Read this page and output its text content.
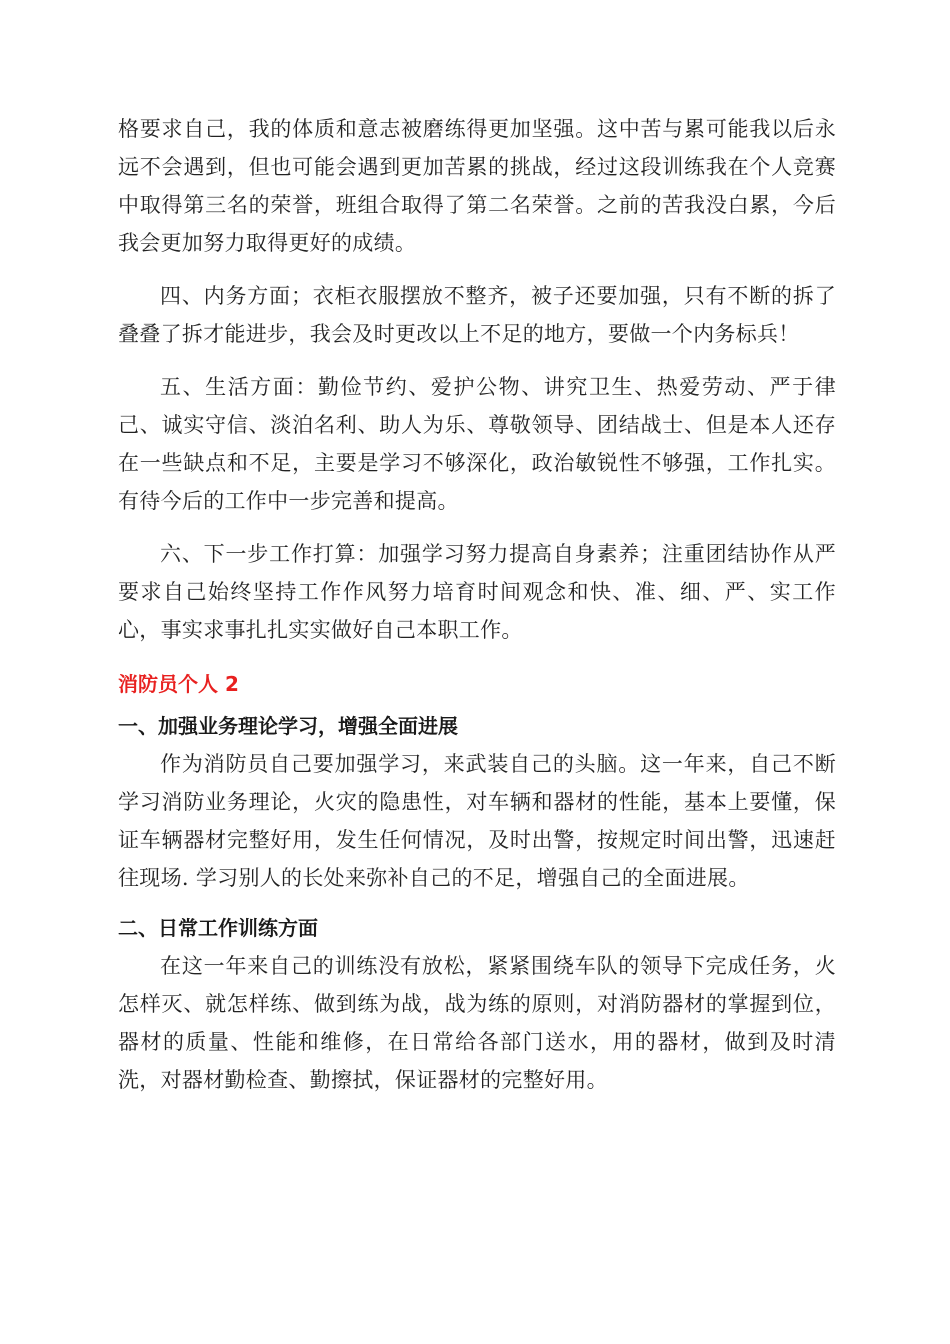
格要求自己，我的体质和意志被磨练得更加坚强。这中苦与累可能我以后永远不会遇到，但也可能会遇到更加苦累的挑战，经过这段训练我在个人竞赛中取得第三名的荣誉，班组合取得了第二名荣誉。之前的苦我没白累，今后我会更加努力取得更好的成绩。

四、内务方面；衣柜衣服摆放不整齐，被子还要加强，只有不断的拆了叠叠了拆才能进步，我会及时更改以上不足的地方，要做一个内务标兵！

五、生活方面：勤俭节约、爱护公物、讲究卫生、热爱劳动、严于律己、诚实守信、淡泊名利、助人为乐、尊敬领导、团结战士、但是本人还存在一些缺点和不足，主要是学习不够深化，政治敏锐性不够强，工作扎实。有待今后的工作中一步完善和提高。

六、下一步工作打算：加强学习努力提高自身素养；注重团结协作从严要求自己始终坚持工作作风努力培育时间观念和快、准、细、严、实工作心，事实求事扎扎实实做好自己本职工作。

消防员个人 2
一、加强业务理论学习，增强全面进展

作为消防员自己要加强学习，来武装自己的头脑。这一年来，自己不断学习消防业务理论，火灾的隐患性，对车辆和器材的性能，基本上要懂，保证车辆器材完整好用，发生任何情况，及时出警，按规定时间出警，迅速赶往现场. 学习别人的长处来弥补自己的不足，增强自己的全面进展。

二、日常工作训练方面

在这一年来自己的训练没有放松，紧紧围绕车队的领导下完成任务，火怎样灭、就怎样练、做到练为战，战为练的原则，对消防器材的掌握到位，器材的质量、性能和维修，在日常给各部门送水，用的器材，做到及时清洗，对器材勤检查、勤擦拭，保证器材的完整好用。
